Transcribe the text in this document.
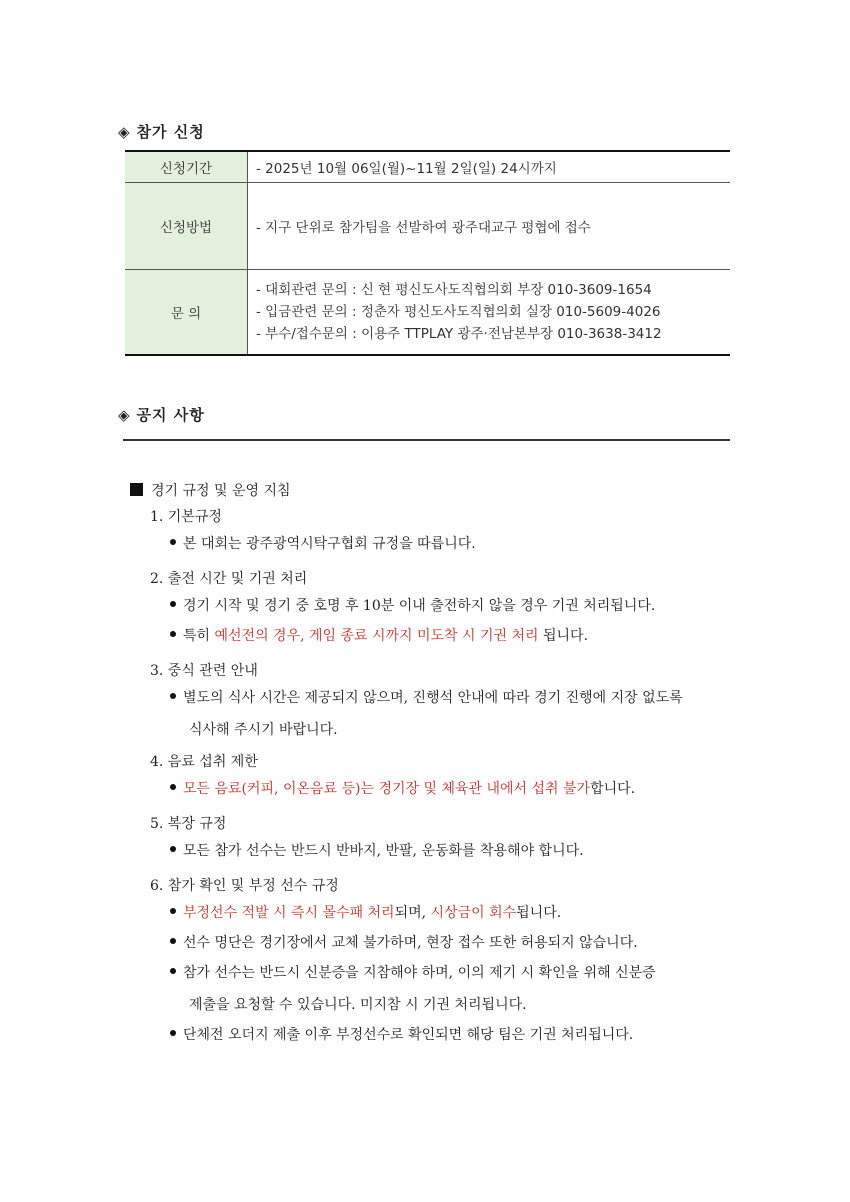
◈ 참가 신청
신청기간	- 2025년 10월 06일(월)~11월 2일(일) 24시까지
신청방법	- 지구 단위로 참가팀을 선발하여 광주대교구 평협에 접수
문 의	- 대회관련 문의 : 신 현 평신도사도직협의회 부장 010-3609-1654
- 입금관련 문의 : 정춘자 평신도사도직협의회 실장 010-5609-4026
- 부수/접수문의 : 이용주 TTPLAY 광주·전남본부장 010-3638-3412
◈ 공지 사항
경기 규정 및 운영 지침
1. 기본규정
본 대회는 광주광역시탁구협회 규정을 따릅니다.
2. 출전 시간 및 기권 처리
경기 시작 및 경기 중 호명 후 10분 이내 출전하지 않을 경우 기권 처리됩니다.
특히 예선전의 경우, 게임 종료 시까지 미도착 시 기권 처리 됩니다.
3. 중식 관련 안내
별도의 식사 시간은 제공되지 않으며, 진행석 안내에 따라 경기 진행에 지장 없도록
식사해 주시기 바랍니다.
4. 음료 섭취 제한
모든 음료(커피, 이온음료 등)는 경기장 및 체육관 내에서 섭취 불가합니다.
5. 복장 규정
모든 참가 선수는 반드시 반바지, 반팔, 운동화를 착용해야 합니다.
6. 참가 확인 및 부정 선수 규정
부정선수 적발 시 즉시 몰수패 처리되며, 시상금이 회수됩니다.
선수 명단은 경기장에서 교체 불가하며, 현장 접수 또한 허용되지 않습니다.
참가 선수는 반드시 신분증을 지참해야 하며, 이의 제기 시 확인을 위해 신분증
제출을 요청할 수 있습니다. 미지참 시 기권 처리됩니다.
단체전 오더지 제출 이후 부정선수로 확인되면 해당 팀은 기권 처리됩니다.
